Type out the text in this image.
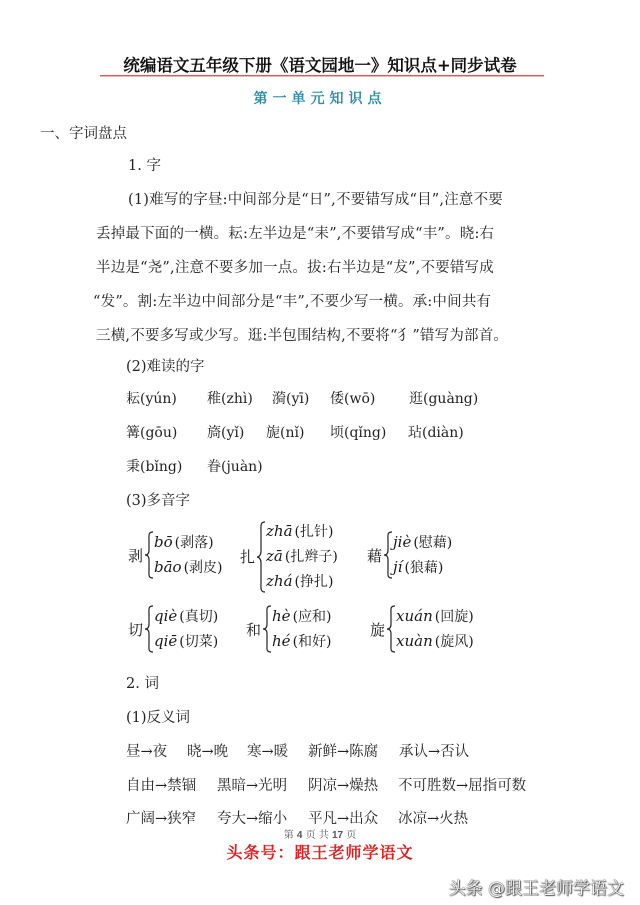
统编语文五年级下册《语文园地一》知识点+同步试卷
第一单元知识点
一、字词盘点
1. 字
(1)难写的字昼:中间部分是“日”,不要错写成“目”,注意不要
丢掉最下面的一横。耘:左半边是“耒”,不要错写成“丰”。晓:右
半边是“尧”,注意不要多加一点。拔:右半边是“犮”,不要错写成
“发”。割:左半边中间部分是“丰”,不要少写一横。承:中间共有
三横,不要多写或少写。逛:半包围结构,不要将“犭”错写为部首。
(2)难读的字
耘(yún) 稚(zhì) 漪(yī) 倭(wō) 逛(guàng)
篝(gōu) 旖(yǐ) 旎(nǐ) 顷(qǐng) 玷(diàn)
秉(bǐng) 眷(juàn)
(3)多音字
剥
bō (剥落)
bāo (剥皮)
扎
zhā (扎针)
zā (扎辫子)
zhá (挣扎)
藉
jiè (慰藉)
jí (狼藉)
切
qiè (真切)
qiē (切菜)
和
hè (应和)
hé (和好)
旋
xuán (回旋)
xuàn (旋风)
2. 词
(1)反义词
昼→夜 晓→晚 寒→暖 新鲜→陈腐 承认→否认
自由→禁锢 黑暗→光明 阴凉→燥热 不可胜数→屈指可数
广阔→狭窄 夸大→缩小 平凡→出众 冰凉→火热
第 4 页 共 17 页
头条号：跟王老师学语文
头条 @跟王老师学语文
